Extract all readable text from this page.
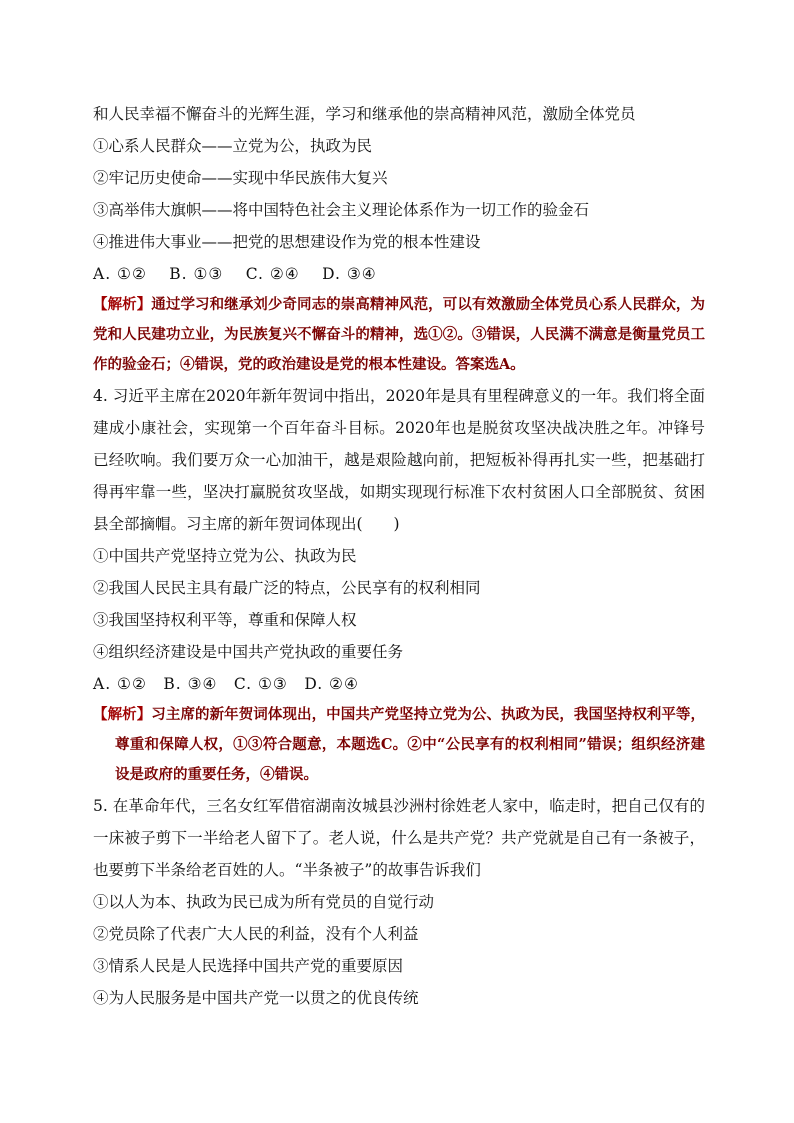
和人民幸福不懈奋斗的光辉生涯，学习和继承他的崇高精神风范，激励全体党员
①心系人民群众——立党为公，执政为民
②牢记历史使命——实现中华民族伟大复兴
③高举伟大旗帜——将中国特色社会主义理论体系作为一切工作的验金石
④推进伟大事业——把党的思想建设作为党的根本性建设
A. ①②　 B. ①③　 C. ②④　 D. ③④
【解析】通过学习和继承刘少奇同志的崇高精神风范，可以有效激励全体党员心系人民群众，为党和人民建功立业，为民族复兴不懈奋斗的精神，选①②。③错误，人民满不满意是衡量党员工作的验金石；④错误，党的政治建设是党的根本性建设。答案选A。
4. 习近平主席在2020年新年贺词中指出，2020年是具有里程碑意义的一年。我们将全面建成小康社会，实现第一个百年奋斗目标。2020年也是脱贫攻坚决战决胜之年。冲锋号已经吹响。我们要万众一心加油干，越是艰险越向前，把短板补得再扎实一些，把基础打得再牢靠一些，坚决打赢脱贫攻坚战，如期实现现行标准下农村贫困人口全部脱贫、贫困县全部摘帽。习主席的新年贺词体现出(　　)
①中国共产党坚持立党为公、执政为民
②我国人民民主具有最广泛的特点，公民享有的权利相同
③我国坚持权利平等，尊重和保障人权
④组织经济建设是中国共产党执政的重要任务
A. ①②　B. ③④　C. ①③　D. ②④
【解析】习主席的新年贺词体现出，中国共产党坚持立党为公、执政为民，我国坚持权利平等，尊重和保障人权，①③符合题意，本题选C。②中“公民享有的权利相同”错误；组织经济建设是政府的重要任务，④错误。
5. 在革命年代，三名女红军借宿湖南汝城县沙洲村徐姓老人家中，临走时，把自己仅有的一床被子剪下一半给老人留下了。老人说，什么是共产党？共产党就是自己有一条被子，也要剪下半条给老百姓的人。“半条被子”的故事告诉我们
①以人为本、执政为民已成为所有党员的自觉行动
②党员除了代表广大人民的利益，没有个人利益
③情系人民是人民选择中国共产党的重要原因
④为人民服务是中国共产党一以贯之的优良传统
